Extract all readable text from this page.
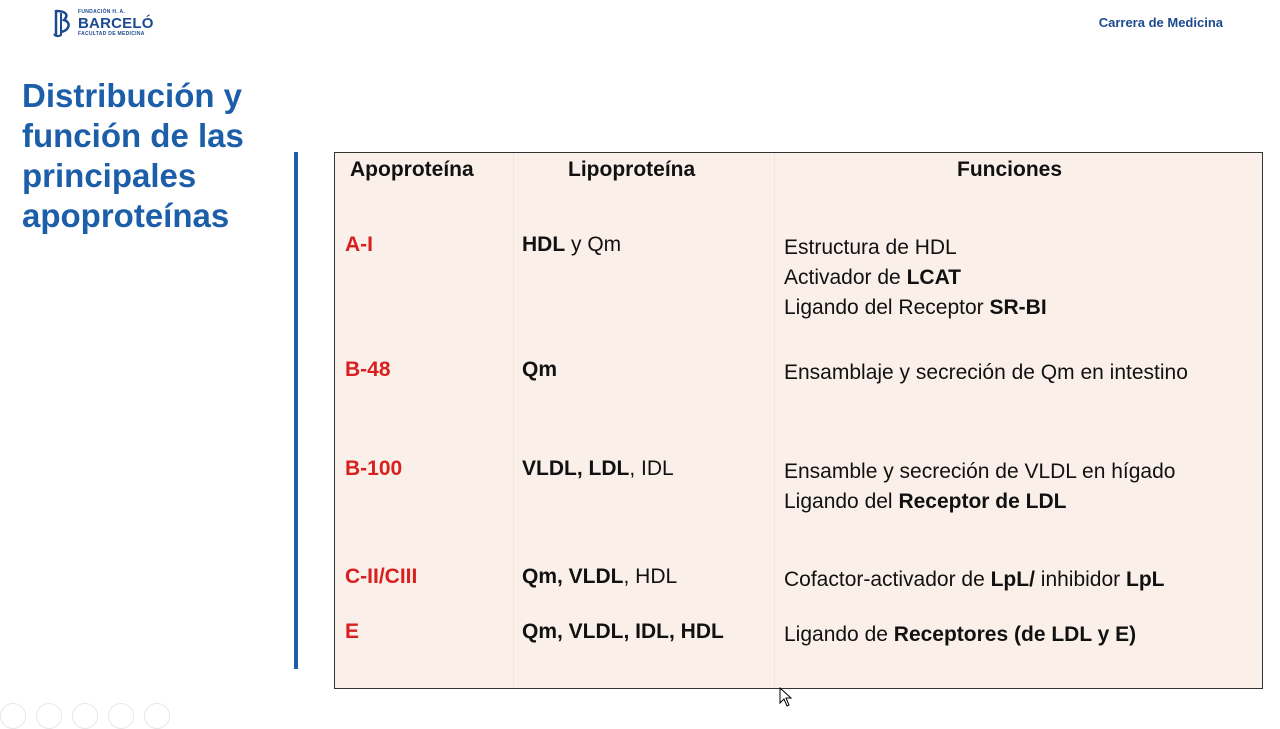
FUNDACIÓN H. A.
BARCELÓ
FACULTAD DE MEDICINA
Carrera de Medicina
Distribución y
función de las
principales
apoproteínas
Apoproteína	Lipoproteína	Funciones
A-I	HDL y Qm	Estructura de HDL
Activador de LCAT
Ligando del Receptor SR-BI
B-48	Qm	Ensamblaje y secreción de Qm en intestino
B-100	VLDL, LDL, IDL	Ensamble y secreción de VLDL en hígado
Ligando del Receptor de LDL
C-II/CIII	Qm, VLDL, HDL	Cofactor-activador de LpL/ inhibidor LpL
E	Qm, VLDL, IDL, HDL	Ligando de Receptores (de LDL y E)
